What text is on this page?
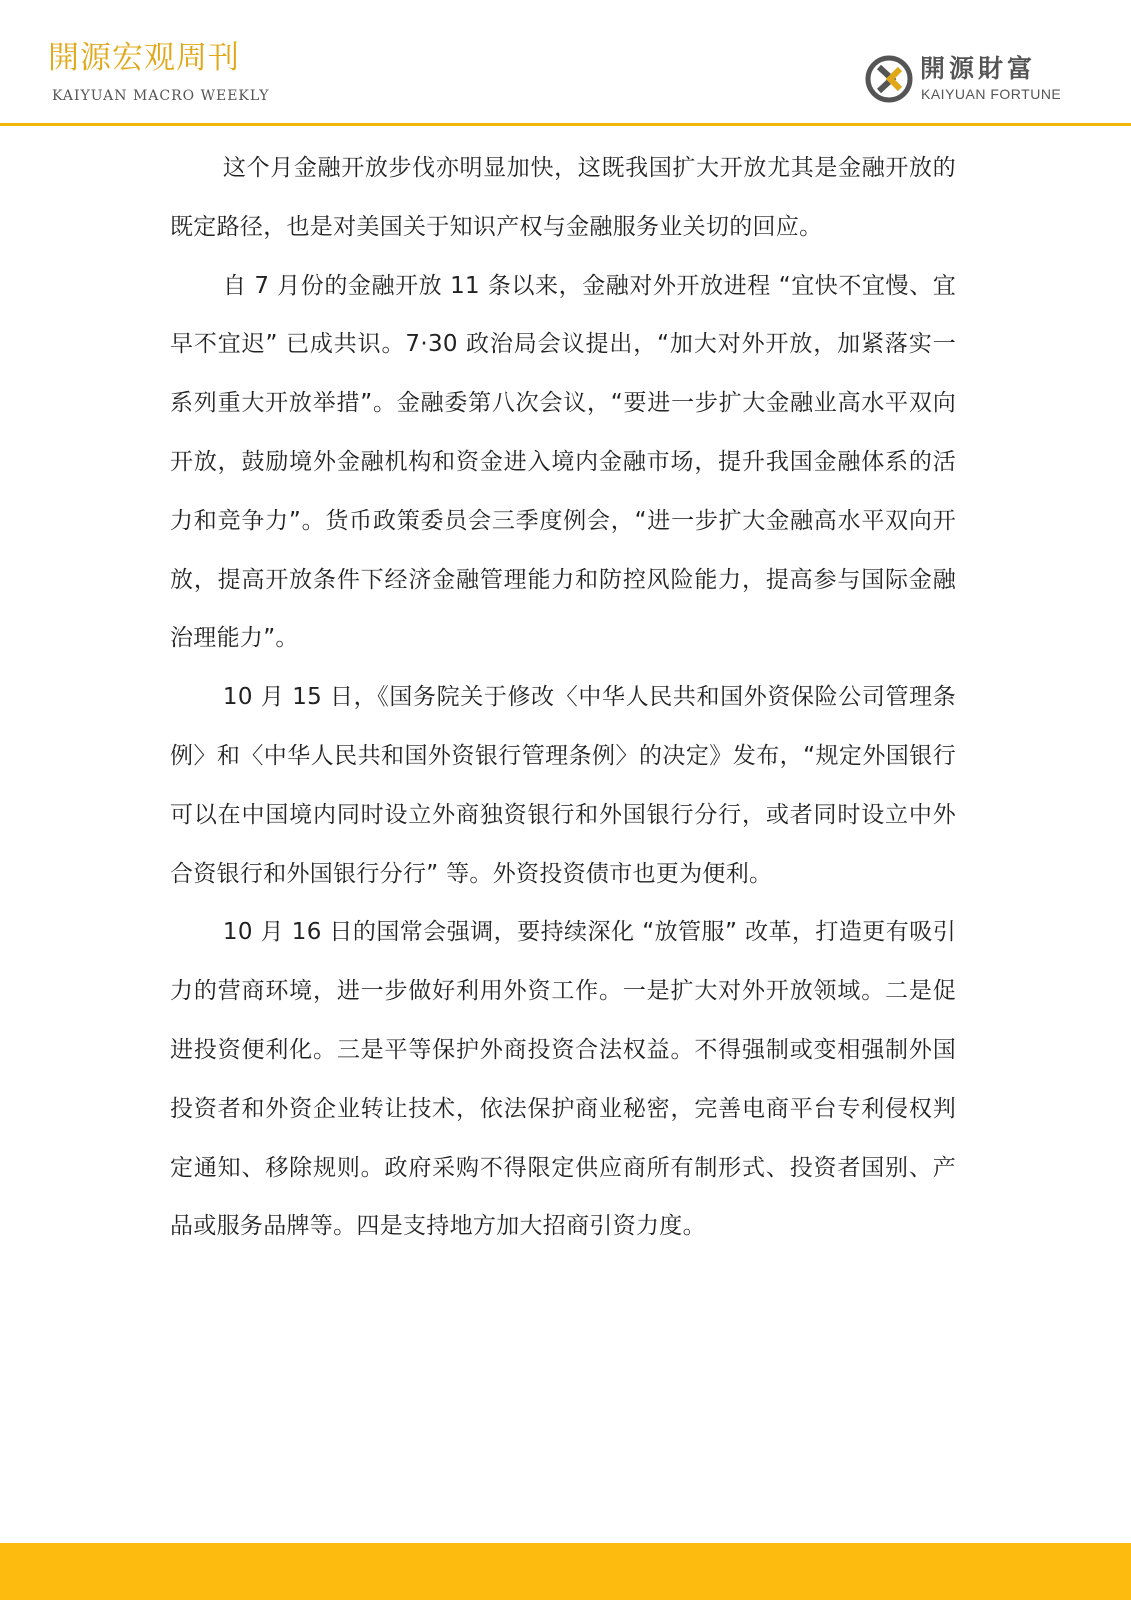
開源宏观周刊
KAIYUAN MACRO WEEKLY
開源財富
KAIYUAN FORTUNE

这个月金融开放步伐亦明显加快，这既我国扩大开放尤其是金融开放的既定路径，也是对美国关于知识产权与金融服务业关切的回应。

自 7 月份的金融开放 11 条以来，金融对外开放进程 “宜快不宜慢、宜早不宜迟” 已成共识。7·30 政治局会议提出，“加大对外开放，加紧落实一系列重大开放举措”。金融委第八次会议，“要进一步扩大金融业高水平双向开放，鼓励境外金融机构和资金进入境内金融市场，提升我国金融体系的活力和竞争力”。货币政策委员会三季度例会，“进一步扩大金融高水平双向开放，提高开放条件下经济金融管理能力和防控风险能力，提高参与国际金融治理能力”。

10 月 15 日，《国务院关于修改〈中华人民共和国外资保险公司管理条例〉和〈中华人民共和国外资银行管理条例〉的决定》发布，“规定外国银行可以在中国境内同时设立外商独资银行和外国银行分行，或者同时设立中外合资银行和外国银行分行” 等。外资投资债市也更为便利。

10 月 16 日的国常会强调，要持续深化 “放管服” 改革，打造更有吸引力的营商环境，进一步做好利用外资工作。一是扩大对外开放领域。二是促进投资便利化。三是平等保护外商投资合法权益。不得强制或变相强制外国投资者和外资企业转让技术，依法保护商业秘密，完善电商平台专利侵权判定通知、移除规则。政府采购不得限定供应商所有制形式、投资者国别、产品或服务品牌等。四是支持地方加大招商引资力度。
